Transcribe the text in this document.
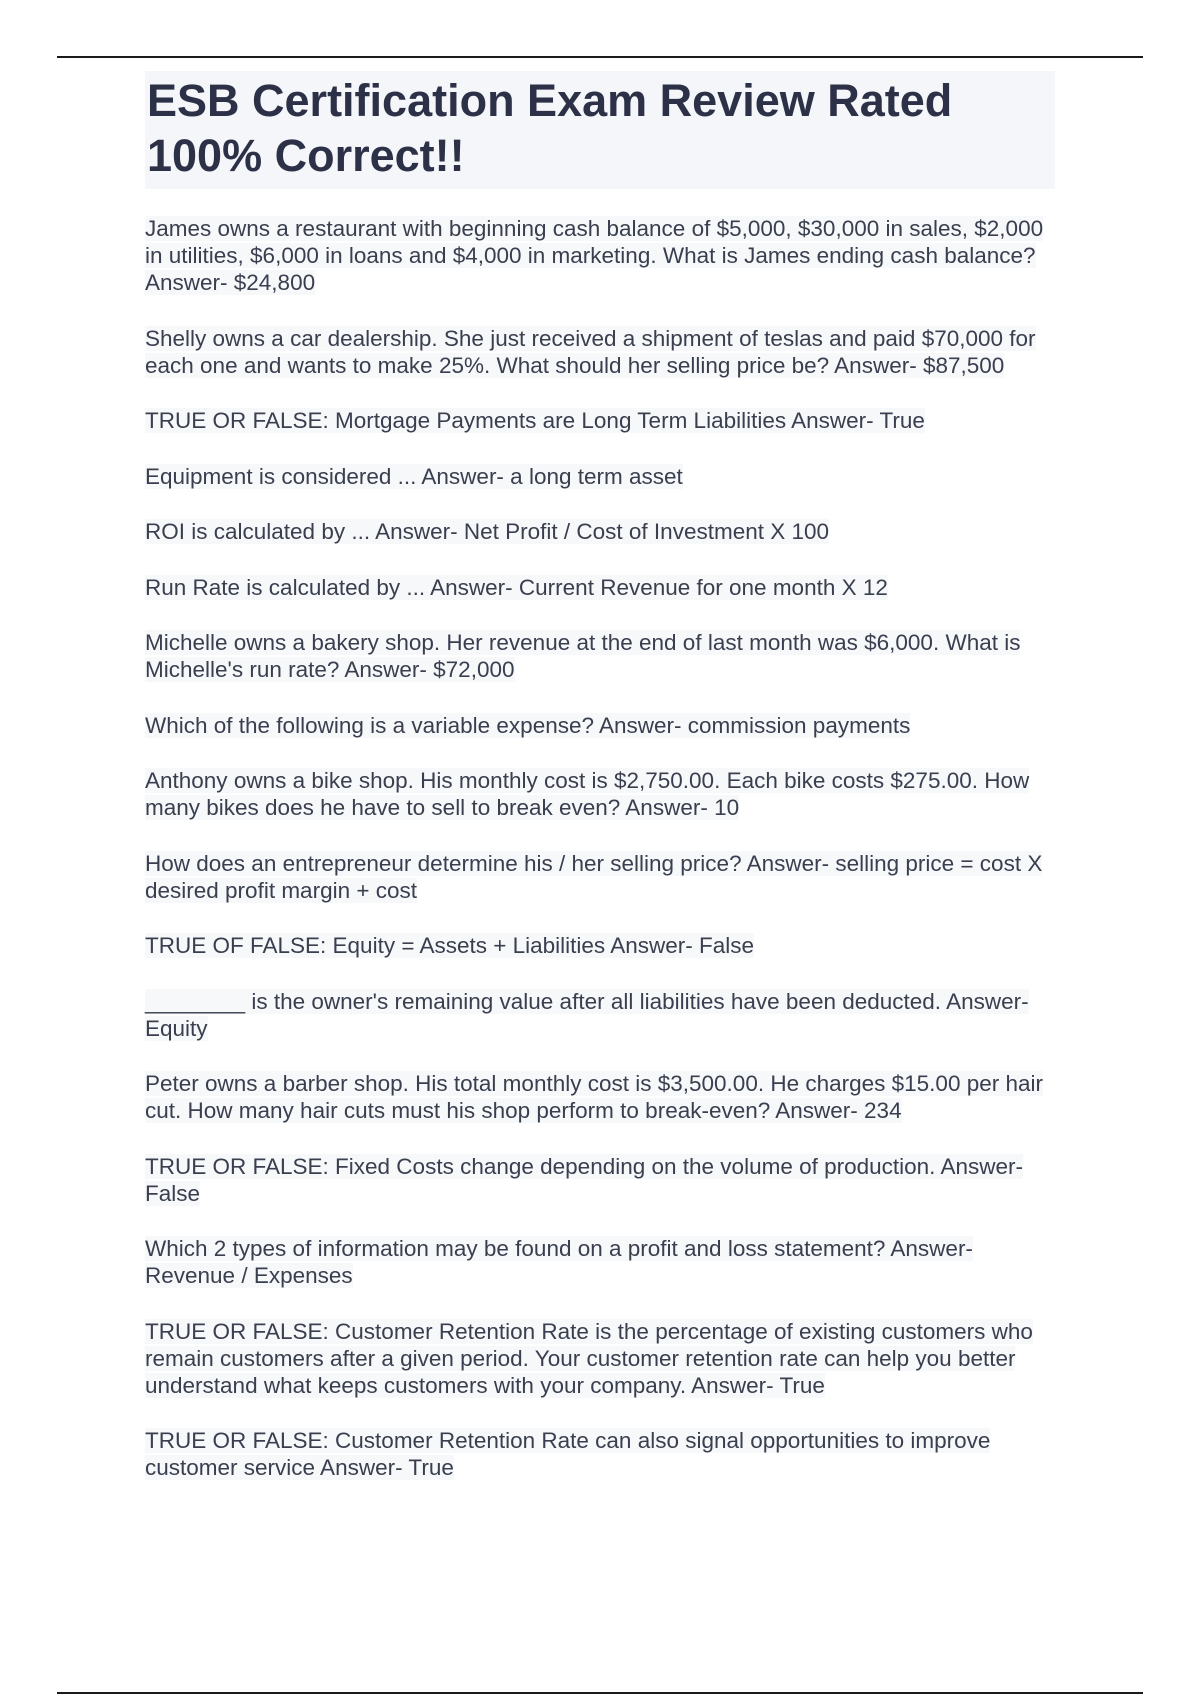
ESB Certification Exam Review Rated 100% Correct!!
James owns a restaurant with beginning cash balance of $5,000, $30,000 in sales, $2,000 in utilities, $6,000 in loans and $4,000 in marketing. What is James ending cash balance? Answer- $24,800
Shelly owns a car dealership. She just received a shipment of teslas and paid $70,000 for each one and wants to make 25%. What should her selling price be? Answer- $87,500
TRUE OR FALSE: Mortgage Payments are Long Term Liabilities Answer- True
Equipment is considered ... Answer- a long term asset
ROI is calculated by ... Answer- Net Profit / Cost of Investment X 100
Run Rate is calculated by ... Answer- Current Revenue for one month X 12
Michelle owns a bakery shop. Her revenue at the end of last month was $6,000. What is Michelle's run rate? Answer- $72,000
Which of the following is a variable expense? Answer- commission payments
Anthony owns a bike shop. His monthly cost is $2,750.00. Each bike costs $275.00. How many bikes does he have to sell to break even? Answer- 10
How does an entrepreneur determine his / her selling price? Answer- selling price = cost X desired profit margin + cost
TRUE OF FALSE: Equity = Assets + Liabilities Answer- False
________ is the owner's remaining value after all liabilities have been deducted. Answer- Equity
Peter owns a barber shop. His total monthly cost is $3,500.00. He charges $15.00 per hair cut. How many hair cuts must his shop perform to break-even? Answer- 234
TRUE OR FALSE: Fixed Costs change depending on the volume of production. Answer- False
Which 2 types of information may be found on a profit and loss statement? Answer- Revenue / Expenses
TRUE OR FALSE: Customer Retention Rate is the percentage of existing customers who remain customers after a given period. Your customer retention rate can help you better understand what keeps customers with your company. Answer- True
TRUE OR FALSE: Customer Retention Rate can also signal opportunities to improve customer service Answer- True
